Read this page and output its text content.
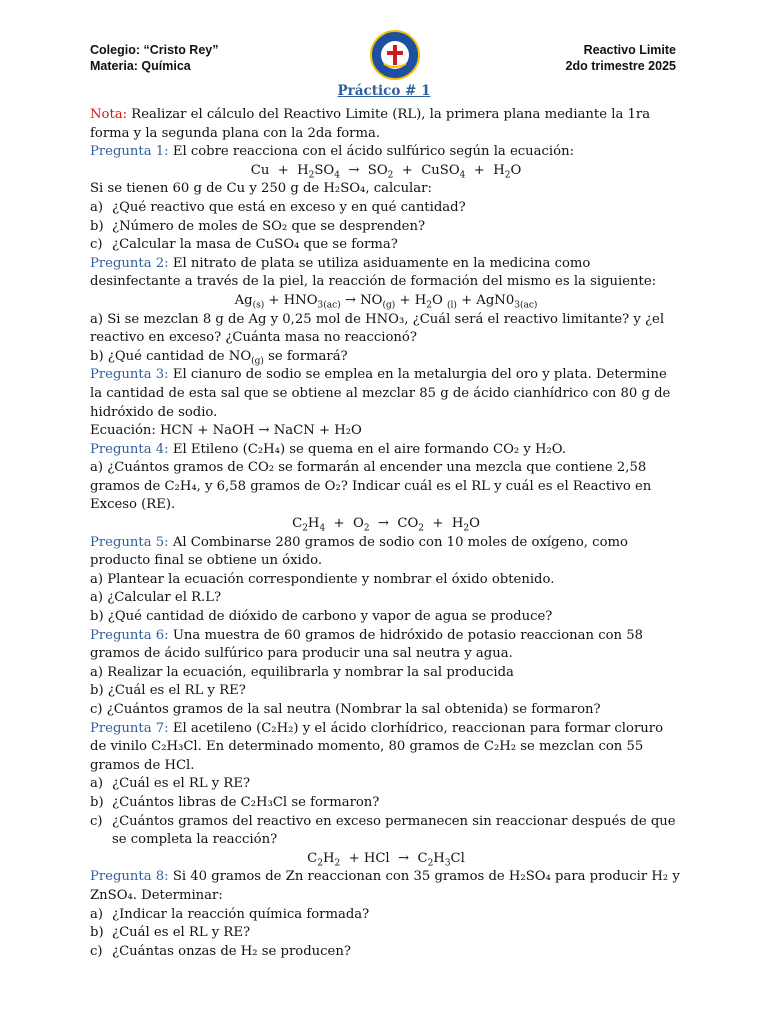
Colegio: “Cristo Rey”
Materia: Química
Reactivo Limite
2do trimestre 2025
Práctico # 1

Nota: Realizar el cálculo del Reactivo Limite (RL), la primera plana mediante la 1ra forma y la segunda plana con la 2da forma.

Pregunta 1: El cobre reacciona con el ácido sulfúrico según la ecuación:

$Cu + H_2SO_4 \to SO_2$  +  CuSO$_4$  +  $H_2O$

Si se tienen 60 g de Cu y 250 g de H₂SO₄, calcular:

a) ¿Qué reactivo que está en exceso y en qué cantidad?
b) ¿Número de moles de SO₂ que se desprenden?
c) ¿Calcular la masa de CuSO₄ que se forma?

Pregunta 2: El nitrato de plata se utiliza asiduamente en la medicina como desinfectante a través de la piel, la reacción de formación del mismo es la siguiente:

$Ag_{(s)} + HNO_{3(ac)} \to NO_{(g)} + H_2O$ $_{(l)} + AgN0_{3(ac)}$

a) Si se mezclan 8 g de Ag y 0,25 mol de HNO₃, ¿Cuál será el reactivo limitante? y ¿el reactivo en exceso? ¿Cuánta masa no reaccionó?

b) ¿Qué cantidad de $NO_{(g)}$ se formará?

Pregunta 3: El cianuro de sodio se emplea en la metalurgia del oro y plata. Determine la cantidad de esta sal que se obtiene al mezclar 85 g de ácido cianhídrico con 80 g de hidróxido de sodio.

Ecuación: HCN + NaOH → NaCN + H₂O

Pregunta 4: El Etileno (C₂H₄) se quema en el aire formando CO₂ y H₂O.

a) ¿Cuántos gramos de CO₂ se formarán al encender una mezcla que contiene 2,58 gramos de C₂H₄, y 6,58 gramos de O₂? Indicar cuál es el RL y cuál es el Reactivo en Exceso (RE).

$C_2H_4 + O_2 \to CO_2 + H_2O$

Pregunta 5: Al Combinarse 280 gramos de sodio con 10 moles de oxígeno, como producto final se obtiene un óxido.

a) Plantear la ecuación correspondiente y nombrar el óxido obtenido.

a) ¿Calcular el R.L?

b) ¿Qué cantidad de dióxido de carbono y vapor de agua se produce?

Pregunta 6: Una muestra de 60 gramos de hidróxido de potasio reaccionan con 58 gramos de ácido sulfúrico para producir una sal neutra y agua.

a) Realizar la ecuación, equilibrarla y nombrar la sal producida

b) ¿Cuál es el RL y RE?

c) ¿Cuántos gramos de la sal neutra (Nombrar la sal obtenida) se formaron?

Pregunta 7: El acetileno (C₂H₂) y el ácido clorhídrico, reaccionan para formar cloruro de vinilo C₂H₃Cl. En determinado momento, 80 gramos de C₂H₂ se mezclan con 55 gramos de HCl.

a) ¿Cuál es el RL y RE?
b) ¿Cuántos libras de C₂H₃Cl se formaron?
c) ¿Cuántos gramos del reactivo en exceso permanecen sin reaccionar después de que se completa la reacción?
$C_2H_2$  + HCl  →  $C_2H_3Cl$

Pregunta 8: Si 40 gramos de Zn reaccionan con 35 gramos de H₂SO₄ para producir H₂ y ZnSO₄. Determinar:

a) ¿Indicar la reacción química formada?
b) ¿Cuál es el RL y RE?
c) ¿Cuántas onzas de H₂ se producen?
